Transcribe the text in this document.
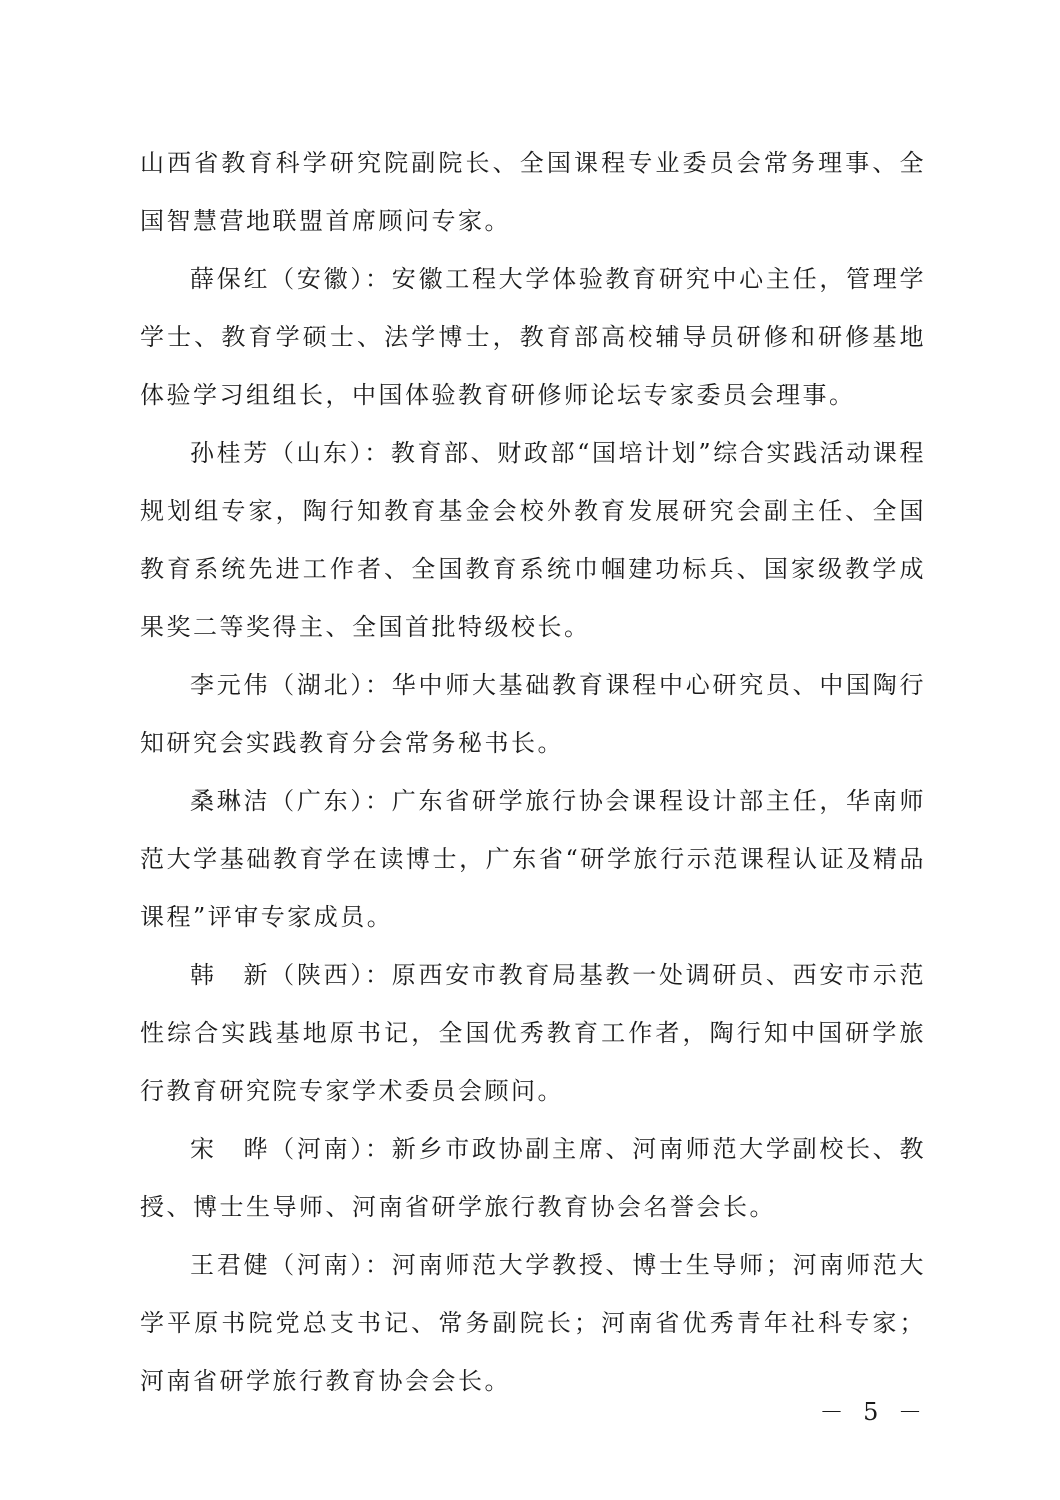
山西省教育科学研究院副院长、全国课程专业委员会常务理事、全国智慧营地联盟首席顾问专家。

薛保红（安徽）：安徽工程大学体验教育研究中心主任，管理学学士、教育学硕士、法学博士，教育部高校辅导员研修和研修基地体验学习组组长，中国体验教育研修师论坛专家委员会理事。

孙桂芳（山东）：教育部、财政部“国培计划”综合实践活动课程规划组专家，陶行知教育基金会校外教育发展研究会副主任、全国教育系统先进工作者、全国教育系统巾帼建功标兵、国家级教学成果奖二等奖得主、全国首批特级校长。

李元伟（湖北）：华中师大基础教育课程中心研究员、中国陶行知研究会实践教育分会常务秘书长。

桑琳洁（广东）：广东省研学旅行协会课程设计部主任，华南师范大学基础教育学在读博士，广东省“研学旅行示范课程认证及精品课程”评审专家成员。

韩　新（陕西）：原西安市教育局基教一处调研员、西安市示范性综合实践基地原书记，全国优秀教育工作者，陶行知中国研学旅行教育研究院专家学术委员会顾问。

宋　晔（河南）：新乡市政协副主席、河南师范大学副校长、教授、博士生导师、河南省研学旅行教育协会名誉会长。

王君健（河南）：河南师范大学教授、博士生导师；河南师范大学平原书院党总支书记、常务副院长；河南省优秀青年社科专家；河南省研学旅行教育协会会长。

－ 5 －
